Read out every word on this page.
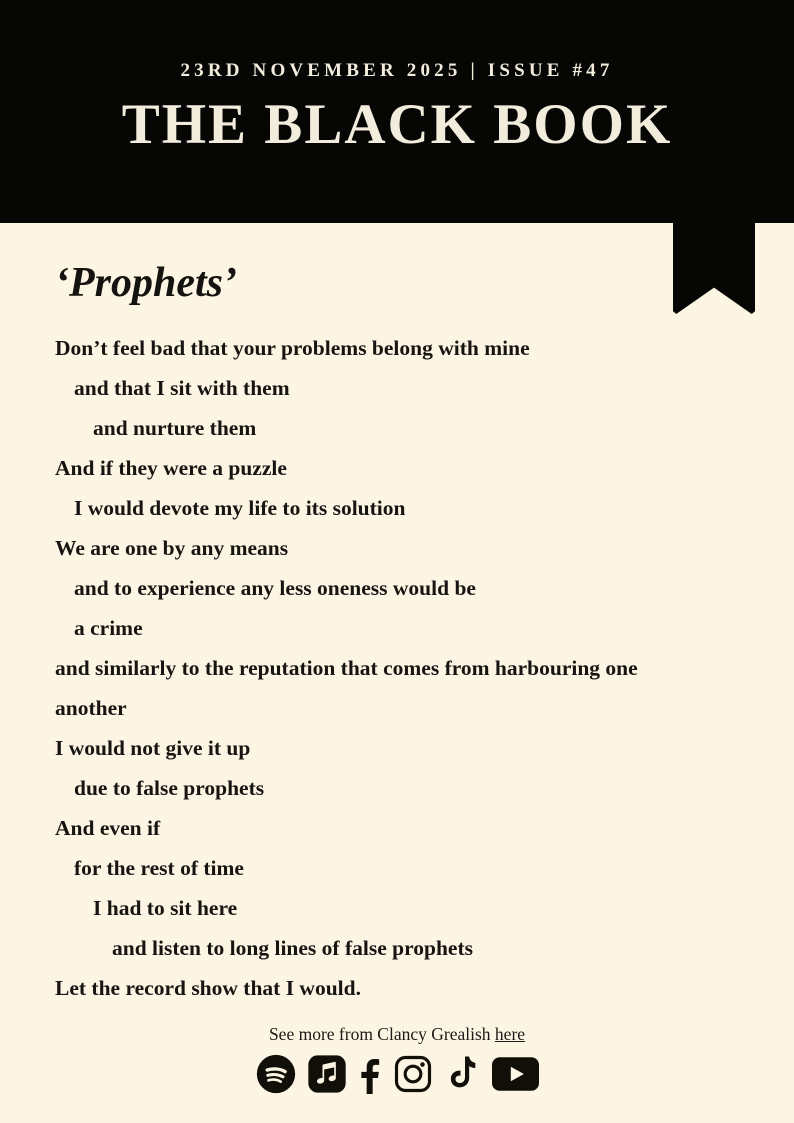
23RD NOVEMBER 2025 | ISSUE #47
THE BLACK BOOK
‘Prophets’
Don’t feel bad that your problems belong with mine
and that I sit with them
and nurture them
And if they were a puzzle
I would devote my life to its solution
We are one by any means
and to experience any less oneness would be
a crime
and similarly to the reputation that comes from harbouring one
another
I would not give it up
due to false prophets
And even if
for the rest of time
I had to sit here
and listen to long lines of false prophets
Let the record show that I would.
See more from Clancy Grealish here
